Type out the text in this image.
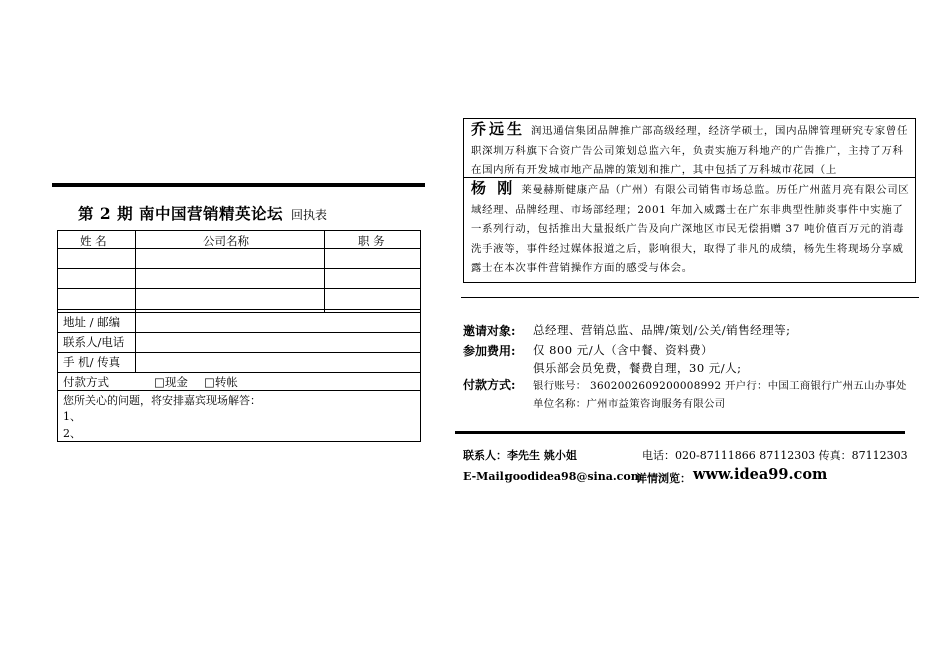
第 2 期 南中国营销精英论坛 回执表
姓 名	公司名称	职 务
地址 / 邮编
联系人/电话
手 机/ 传真
付款方式	□现金 □转帐
您所关心的问题，将安排嘉宾现场解答：
1、
2、
乔远生 润迅通信集团品牌推广部高级经理，经济学硕士，国内品牌管理研究专家曾任职深圳万科旗下合资广告公司策划总监六年，负责实施万科地产的广告推广，主持了万科在国内所有开发城市地产品牌的策划和推广，其中包括了万科城市花园（上
杨 刚 莱曼赫斯健康产品（广州）有限公司销售市场总监。历任广州蓝月亮有限公司区域经理、品牌经理、市场部经理；2001 年加入威露士在广东非典型性肺炎事件中实施了一系列行动，包括推出大量报纸广告及向广深地区市民无偿捐赠 37 吨价值百万元的消毒洗手液等，事件经过媒体报道之后，影响很大，取得了非凡的成绩，杨先生将现场分享威露士在本次事件营销操作方面的感受与体会。
邀请对象: 总经理、营销总监、品牌/策划/公关/销售经理等;
参加费用: 仅 800 元/人（含中餐、资料费）
俱乐部会员免费，餐费自理，30 元/人;
付款方式: 银行账号： 3602002609200008992 开户行：中国工商银行广州五山办事处
单位名称：广州市益策咨询服务有限公司
联系人：李先生 姚小姐	电话：020-87111866 87112303 传真：87112303
E-Mail:
goodidea98@sina.com
详情浏览： www.idea99.com
